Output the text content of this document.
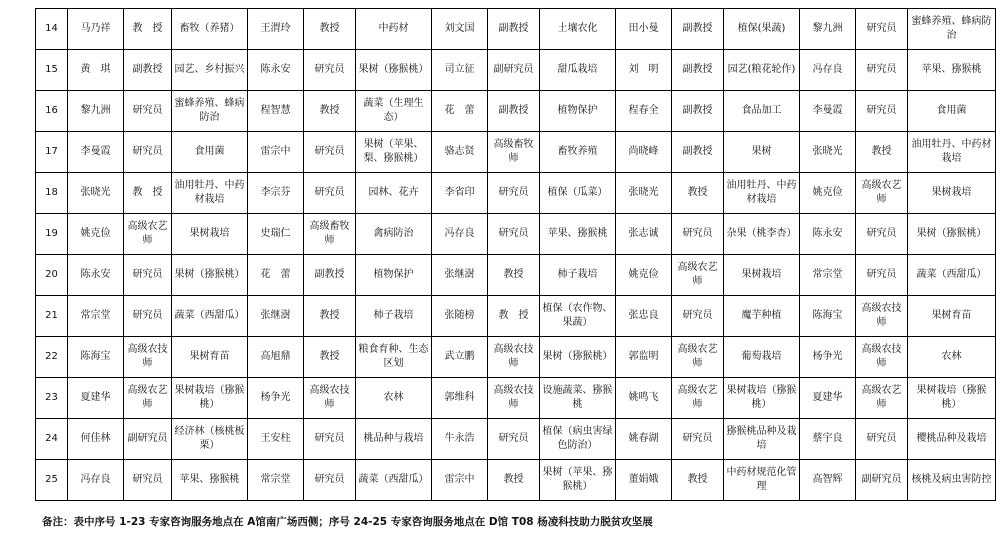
14	马乃祥	教　授	畜牧（养猪）	王渭玲	教授	中药材	刘文国	副教授	土壤农化	田小曼	副教授	植保(果蔬)	黎九洲	研究员	蜜蜂养殖、蜂病防治
15	黄　琪	副教授	园艺、乡村振兴	陈永安	研究员	果树（猕猴桃）	司立征	副研究员	甜瓜栽培	刘　明	副教授	园艺(粮花轮作)	冯存良	研究员	苹果、猕猴桃
16	黎九洲	研究员	蜜蜂养殖、蜂病防治	程智慧	教授	蔬菜（生理生态）	花　蕾	副教授	植物保护	程春全	副教授	食品加工	李曼霞	研究员	食用菌
17	李曼霞	研究员	食用菌	雷宗中	研究员	果树（苹果、梨、猕猴桃）	骆志贤	高级畜牧师	畜牧养殖	尚晓峰	副教授	果树	张晓光	教授	油用牡丹、中药材栽培
18	张晓光	教　授	油用牡丹、中药材栽培	李宗芬	研究员	园林、花卉	李省印	研究员	植保（瓜菜）	张晓光	教授	油用牡丹、中药材栽培	姚克俭	高级农艺师	果树栽培
19	姚克俭	高级农艺师	果树栽培	史瑞仁	高级畜牧师	禽病防治	冯存良	研究员	苹果、猕猴桃	张志诚	研究员	杂果（桃李杏）	陈永安	研究员	果树（猕猴桃）
20	陈永安	研究员	果树（猕猴桃）	花　蕾	副教授	植物保护	张继澍	教授	柿子栽培	姚克俭	高级农艺师	果树栽培	常宗堂	研究员	蔬菜（西甜瓜）
21	常宗堂	研究员	蔬菜（西甜瓜）	张继澍	教授	柿子栽培	张随榜	教　授	植保（农作物、果蔬）	张忠良	研究员	魔芋种植	陈海宝	高级农技师	果树育苗
22	陈海宝	高级农技师	果树育苗	高旭鼎	教授	粮食育种、生态区划	武立鹏	高级农技师	果树（猕猴桃）	郭监明	高级农艺师	葡萄栽培	杨争光	高级农技师	农林
23	夏建华	高级农艺师	果树栽培（猕猴桃）	杨争光	高级农技师	农林	郭维科	高级农技师	设施蔬菜、猕猴桃	姚鸣飞	高级农艺师	果树栽培（猕猴桃）	夏建华	高级农艺师	果树栽培（猕猴桃）
24	何佳林	副研究员	经济林（核桃板栗）	王安柱	研究员	桃品种与栽培	牛永浩	研究员	植保（病虫害绿色防治）	姚春湖	研究员	猕猴桃品种及栽培	蔡宇良	研究员	樱桃品种及栽培
25	冯存良	研究员	苹果、猕猴桃	常宗堂	研究员	蔬菜（西甜瓜）	雷宗中	教授	果树（苹果、猕猴桃）	董娟娥	教授	中药材规范化管理	高智辉	副研究员	核桃及病虫害防控
备注：表中序号 1-23 专家咨询服务地点在 A馆南广场西侧；序号 24-25 专家咨询服务地点在 D馆 T08 杨凌科技助力脱贫攻坚展
